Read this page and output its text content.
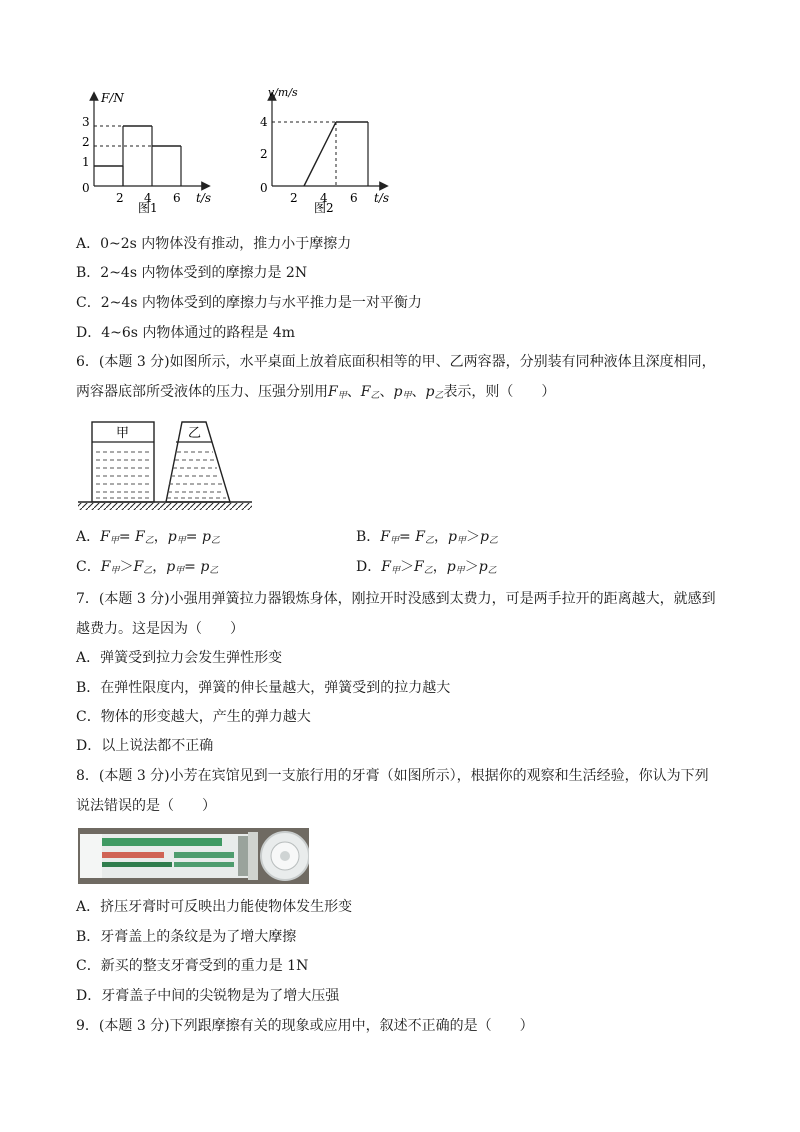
F/N
t/s
0
1
2
3
2 4 6
图1
v/m/s
t/s
0
2
4
2 4 6
图2
A．0~2s 内物体没有推动，推力小于摩擦力
B．2~4s 内物体受到的摩擦力是 2N
C．2~4s 内物体受到的摩擦力与水平推力是一对平衡力
D．4~6s 内物体通过的路程是 4m
6．(本题 3 分)如图所示，水平桌面上放着底面积相等的甲、乙两容器，分别装有同种液体且深度相同，
两容器底部所受液体的压力、压强分别用$F_甲$、$F_乙$、$p_甲$、$p_乙$表示，则（　　）
甲	乙
A．$F_甲= F_乙$，$p_甲= p_乙$	B．$F_甲= F_乙$，$p_甲>p_乙$
C．$F_甲>F_乙$，$p_甲= p_乙$	D．$F_甲>F_乙$，$p_甲>p_乙$
7．(本题 3 分)小强用弹簧拉力器锻炼身体，刚拉开时没感到太费力，可是两手拉开的距离越大，就感到
越费力。这是因为（　　）
A．弹簧受到拉力会发生弹性形变
B．在弹性限度内，弹簧的伸长量越大，弹簧受到的拉力越大
C．物体的形变越大，产生的弹力越大
D．以上说法都不正确
8．(本题 3 分)小芳在宾馆见到一支旅行用的牙膏（如图所示），根据你的观察和生活经验，你认为下列
说法错误的是（　　）
A．挤压牙膏时可反映出力能使物体发生形变
B．牙膏盖上的条纹是为了增大摩擦
C．新买的整支牙膏受到的重力是 1N
D．牙膏盖子中间的尖锐物是为了增大压强
9．(本题 3 分)下列跟摩擦有关的现象或应用中，叙述不正确的是（　　）
